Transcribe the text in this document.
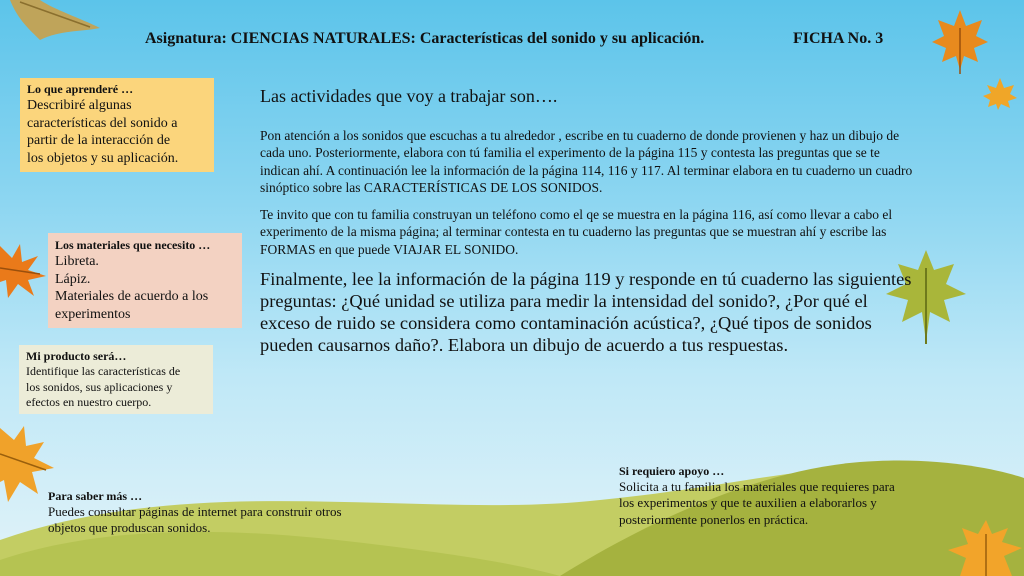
Asignatura: CIENCIAS NATURALES: Características del sonido y su aplicación.	FICHA No. 3
Lo que aprenderé …
Describiré algunas
características del sonido a
partir de la interacción de
los objetos y su aplicación.
Los materiales que necesito …
Libreta.
Lápiz.
Materiales de acuerdo a los
experimentos
Mi producto será…
Identifique las características de
los sonidos, sus aplicaciones y
efectos en nuestro cuerpo.
Las actividades que voy a trabajar son….
Pon atención a los sonidos que escuchas a tu alrededor , escribe en tu cuaderno de donde provienen y haz un dibujo de cada uno. Posteriormente, elabora con tú familia el experimento de la página 115 y contesta las preguntas que se te indican ahí. A continuación lee la información de la página 114, 116 y 117. Al terminar elabora en tu cuaderno un cuadro sinóptico sobre las CARACTERÍSTICAS DE LOS SONIDOS.
Te invito que con tu familia construyan un teléfono como el qe se muestra en la página 116, así como llevar a cabo el experimento de la misma página; al terminar contesta en tu cuaderno las preguntas que se muestran ahí y escribe las FORMAS en que puede VIAJAR EL SONIDO.
Finalmente, lee la información de la página 119 y responde en tú cuaderno las siguientes preguntas: ¿Qué unidad se utiliza para medir la intensidad del sonido?, ¿Por qué el exceso de ruido se considera como contaminación acústica?, ¿Qué tipos de sonidos pueden causarnos daño?. Elabora un dibujo de acuerdo a tus respuestas.
Si requiero apoyo …
Solicita a tu familia los materiales que requieres para
los experimentos y que te auxilien a elaborarlos y
posteriormente ponerlos en práctica.
Para saber más …
Puedes consultar páginas de internet para construir otros
objetos que produscan sonidos.
